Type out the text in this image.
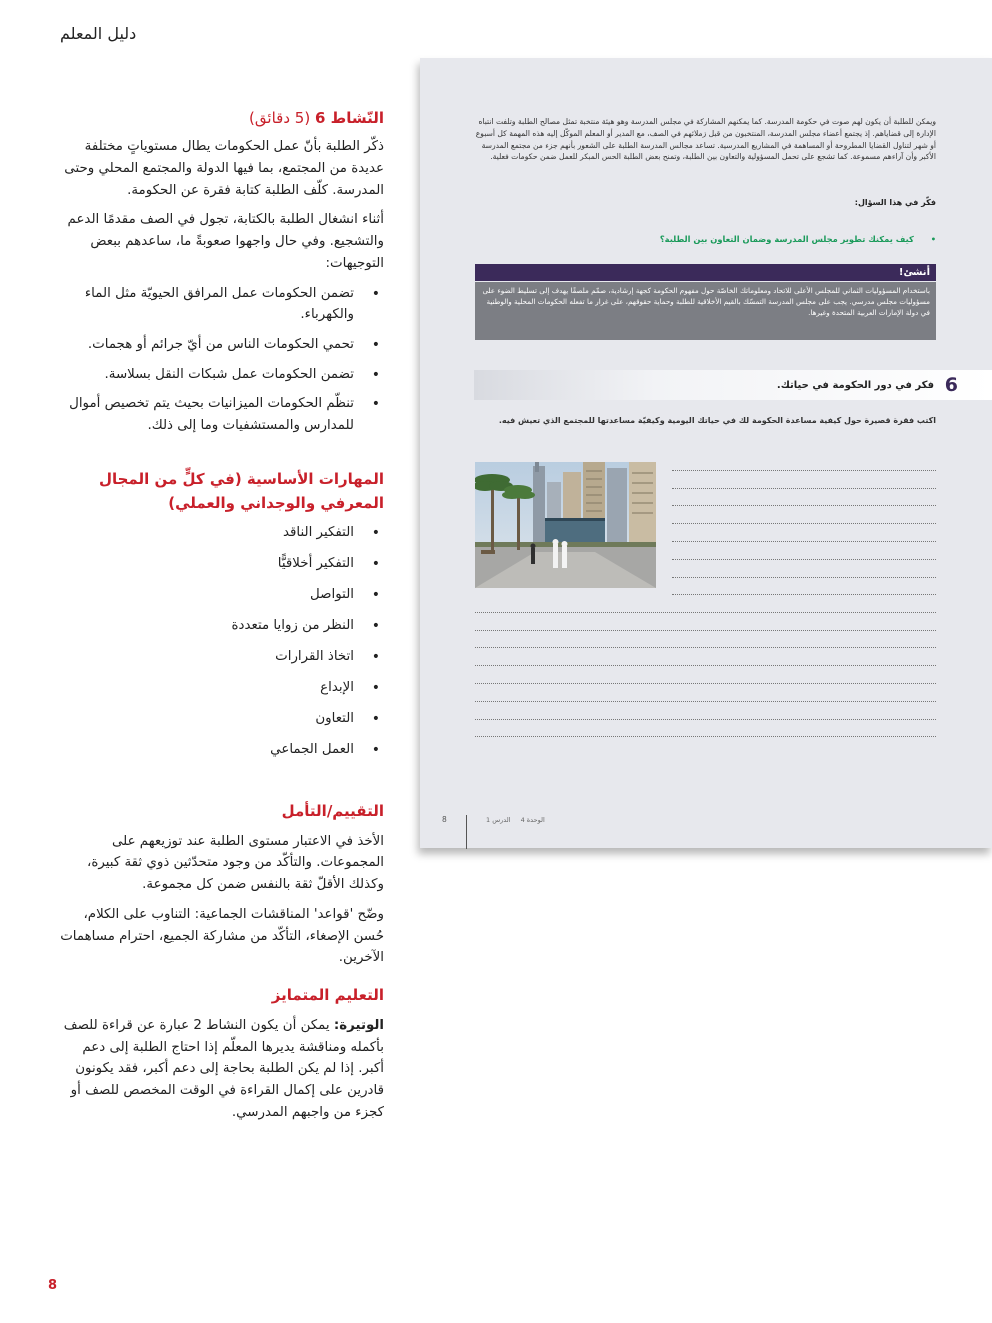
دليل المعلم
النّشاط 6 (5 دقائق)

ذكّر الطلبة بأنّ عمل الحكومات يطال مستوياتٍ مختلفة عديدة من المجتمع، بما فيها الدولة والمجتمع المحلي وحتى المدرسة. كلّف الطلبة كتابة فقرة عن الحكومة.

أثناء انشغال الطلبة بالكتابة، تجول في الصف مقدمًا الدعم والتشجيع. وفي حال واجهوا صعوبةً ما، ساعدهم ببعض التوجيهات:

• تضمن الحكومات عمل المرافق الحيويّة مثل الماء والكهرباء.
• تحمي الحكومات الناس من أيّ جرائم أو هجمات.
• تضمن الحكومات عمل شبكات النقل بسلاسة.
• تنظّم الحكومات الميزانيات بحيث يتم تخصيص أموال للمدارس والمستشفيات وما إلى ذلك.
المهارات الأساسية (في كلٍّ من المجال المعرفي والوجداني والعملي)
• التفكير الناقد
• التفكير أخلاقيًّا
• التواصل
• النظر من زوايا متعددة
• اتخاذ القرارات
• الإبداع
• التعاون
• العمل الجماعي
التقييم/التأمل

الأخذ في الاعتبار مستوى الطلبة عند توزيعهم على المجموعات. والتأكّد من وجود متحدّثين ذوي ثقة كبيرة، وكذلك الأقلّ ثقة بالنفس ضمن كل مجموعة.

وضّح 'قواعد' المناقشات الجماعية: التناوب على الكلام، حُسن الإصغاء، التأكّد من مشاركة الجميع، احترام مساهمات الآخرين.

التعليم المتمايز

الوتيرة: يمكن أن يكون النشاط 2 عبارة عن قراءة للصف بأكمله ومناقشة يديرها المعلّم إذا احتاج الطلبة إلى دعم أكبر. إذا لم يكن الطلبة بحاجة إلى دعم أكبر، فقد يكونون قادرين على إكمال القراءة في الوقت المخصص للصف أو كجزء من واجبهم المدرسي.

8
ويمكن للطلبة أن يكون لهم صوت في حكومة المدرسة. كما يمكنهم المشاركة في مجلس المدرسة وهو هيئة منتخبة تمثل مصالح الطلبة وتلفت انتباه الإدارة إلى قضاياهم. إذ يجتمع أعضاء مجلس المدرسة، المنتخبون من قبل زملائهم في الصف، مع المدير أو المعلم الموكّل إليه هذه المهمة كل أسبوع أو شهر لتناول القضايا المطروحة أو المساهمة في المشاريع المدرسية. تساعد مجالس المدرسة الطلبة على الشعور بأنهم جزء من مجتمع المدرسة الأكبر وأن آراءهم مسموعة. كما تشجع على تحمل المسؤولية والتعاون بين الطلبة، وتمنح بعض الطلبة الحس المبكر للعمل ضمن حكومات فعلية.
فكّر في هذا السؤال:
• كيف يمكنك تطوير مجلس المدرسة وضمان التعاون بين الطلبة؟
أنشئ!
باستخدام المسؤوليات الثماني للمجلس الأعلى للاتحاد ومعلوماتك الخاصّة حول مفهوم الحكومة كجهة إرشادية، صمّم ملصقًا يهدف إلى تسليط الضوء على مسؤوليات مجلس مدرسي. يجب على مجلس المدرسة التمسّك بالقيم الأخلاقية للطلبة وحماية حقوقهم، على غرار ما تفعله الحكومات المحلية والوطنية في دولة الإمارات العربية المتحدة وغيرها.
6
فكر في دور الحكومة في حياتك.
اكتب فقرة قصيرة حول كيفية مساعدة الحكومة لك في حياتك اليومية وكيفيّة مساعدتها للمجتمع الذي تعيش فيه.
8	الوحدة 4 الدرس 1
